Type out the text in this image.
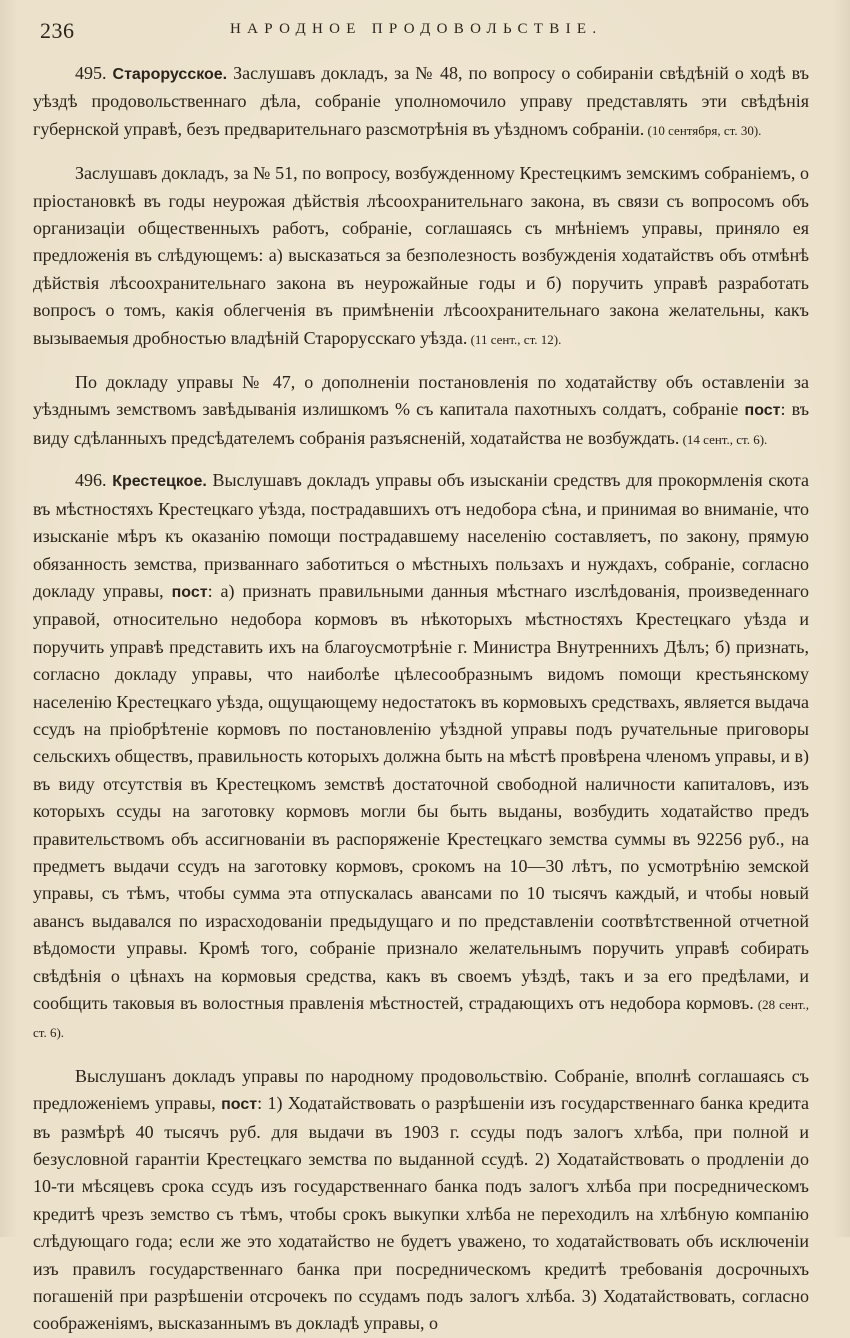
236	НАРОДНОЕ ПРОДОВОЛЬСТВІЕ.

495. Старорусское. Заслушавъ докладъ, за № 48, по вопросу о собираніи свѣдѣній о ходѣ въ уѣздѣ продовольственнаго дѣла, собраніе уполномочило управу представлять эти свѣдѣнія губернской управѣ, безъ предварительнаго разсмотрѣнія въ уѣздномъ собраніи. (10 сентября, ст. 30).

Заслушавъ докладъ, за № 51, по вопросу, возбужденному Крестецкимъ земскимъ собраніемъ, о пріостановкѣ въ годы неурожая дѣйствія лѣсоохранительнаго закона, въ связи съ вопросомъ объ организаціи общественныхъ работъ, собраніе, соглашаясь съ мнѣніемъ управы, приняло ея предложенія въ слѣдующемъ: а) высказаться за безполезность возбужденія ходатайствъ объ отмѣнѣ дѣйствія лѣсоохранительнаго закона въ неурожайные годы и б) поручить управѣ разработать вопросъ о томъ, какія облегченія въ примѣненіи лѣсоохранительнаго закона желательны, какъ вызываемыя дробностью владѣній Старорусскаго уѣзда. (11 сент., ст. 12).

По докладу управы № 47, о дополненіи постановленія по ходатайству объ оставленіи за уѣзднымъ земствомъ завѣдыванія излишкомъ % съ капитала пахотныхъ солдатъ, собраніе пост: въ виду сдѣланныхъ предсѣдателемъ собранія разъясненій, ходатайства не возбуждать. (14 сент., ст. 6).

496. Крестецкое. Выслушавъ докладъ управы объ изысканіи средствъ для прокормленія скота въ мѣстностяхъ Крестецкаго уѣзда, пострадавшихъ отъ недобора сѣна, и принимая во вниманіе, что изысканіе мѣръ къ оказанію помощи пострадавшему населенію составляетъ, по закону, прямую обязанность земства, призваннаго заботиться о мѣстныхъ пользахъ и нуждахъ, собраніе, согласно докладу управы, пост: а) признать правильными данныя мѣстнаго изслѣдованія, произведеннаго управой, относительно недобора кормовъ въ нѣкоторыхъ мѣстностяхъ Крестецкаго уѣзда и поручить управѣ представить ихъ на благоусмотрѣніе г. Министра Внутреннихъ Дѣлъ; б) признать, согласно докладу управы, что наиболѣе цѣлесообразнымъ видомъ помощи крестьянскому населенію Крестецкаго уѣзда, ощущающему недостатокъ въ кормовыхъ средствахъ, является выдача ссудъ на пріобрѣтеніе кормовъ по постановленію уѣздной управы подъ ручательные приговоры сельскихъ обществъ, правильность которыхъ должна быть на мѣстѣ провѣрена членомъ управы, и в) въ виду отсутствія въ Крестецкомъ земствѣ достаточной свободной наличности капиталовъ, изъ которыхъ ссуды на заготовку кормовъ могли бы быть выданы, возбудить ходатайство предъ правительствомъ объ ассигнованіи въ распоряженіе Крестецкаго земства суммы въ 92256 руб., на предметъ выдачи ссудъ на заготовку кормовъ, срокомъ на 10—30 лѣтъ, по усмотрѣнію земской управы, съ тѣмъ, чтобы сумма эта отпускалась авансами по 10 тысячъ каждый, и чтобы новый авансъ выдавался по израсходованіи предыдущаго и по представленіи соотвѣтственной отчетной вѣдомости управы. Кромѣ того, собраніе признало желательнымъ поручить управѣ собирать свѣдѣнія о цѣнахъ на кормовыя средства, какъ въ своемъ уѣздѣ, такъ и за его предѣлами, и сообщить таковыя въ волостныя правленія мѣстностей, страдающихъ отъ недобора кормовъ. (28 сент., ст. 6).

Выслушанъ докладъ управы по народному продовольствію. Собраніе, вполнѣ соглашаясь съ предложеніемъ управы, пост: 1) Ходатайствовать о разрѣшеніи изъ государственнаго банка кредита въ размѣрѣ 40 тысячъ руб. для выдачи въ 1903 г. ссуды подъ залогъ хлѣба, при полной и безусловной гарантіи Крестецкаго земства по выданной ссудѣ. 2) Ходатайствовать о продленіи до 10-ти мѣсяцевъ срока ссудъ изъ государственнаго банка подъ залогъ хлѣба при посредническомъ кредитѣ чрезъ земство съ тѣмъ, чтобы срокъ выкупки хлѣба не переходилъ на хлѣбную компанію слѣдующаго года; если же это ходатайство не будетъ уважено, то ходатайствовать объ исключеніи изъ правилъ государственнаго банка при посредническомъ кредитѣ требованія досрочныхъ погашеній при разрѣшеніи отсрочекъ по ссудамъ подъ залогъ хлѣба. 3) Ходатайствовать, согласно соображеніямъ, высказаннымъ въ докладѣ управы, о
